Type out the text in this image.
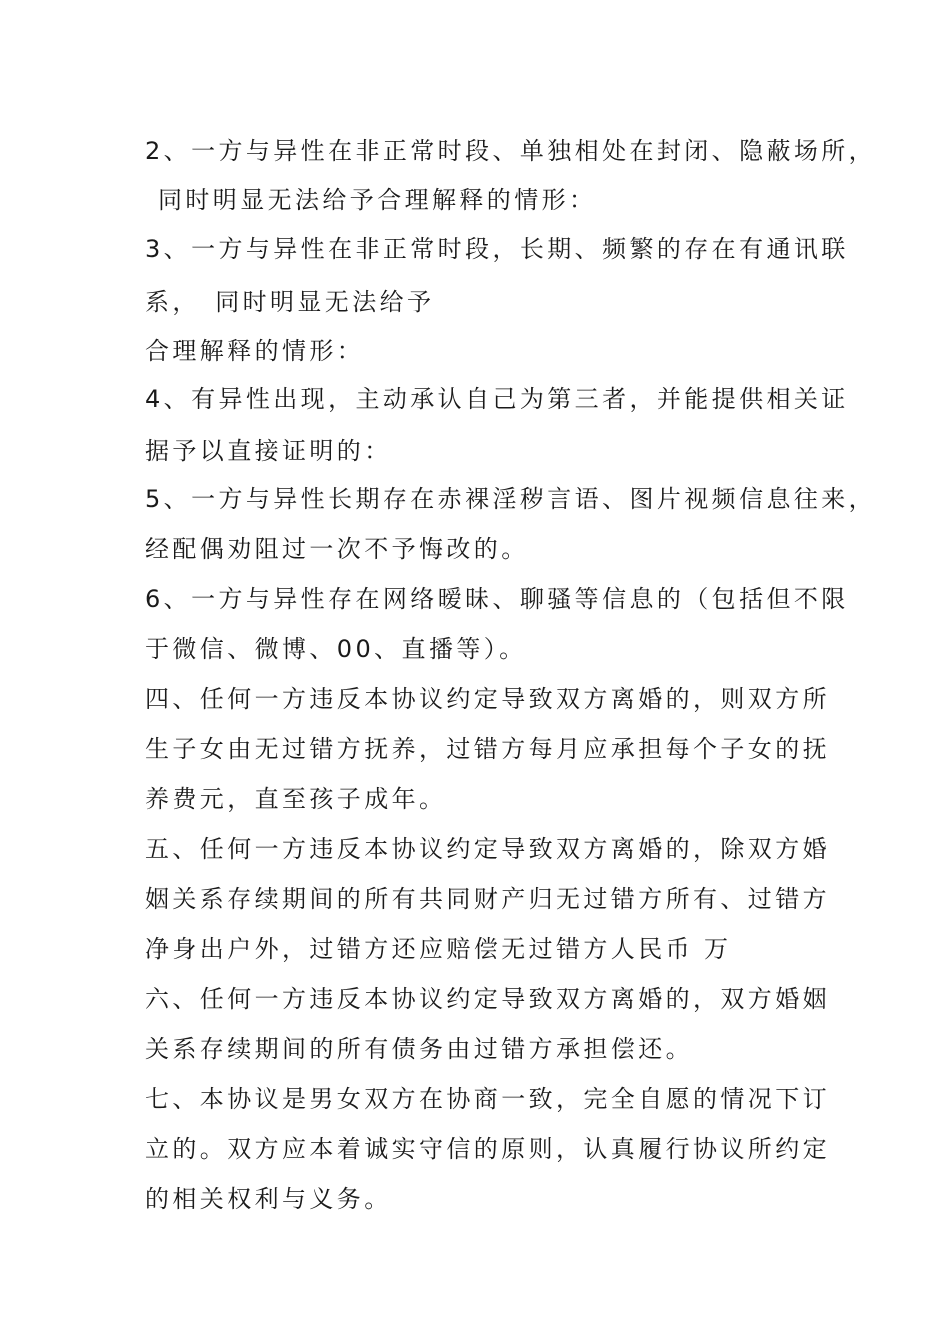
2、一方与异性在非正常时段、单独相处在封闭、隐蔽场所，
同时明显无法给予合理解释的情形：
3、一方与异性在非正常时段，长期、频繁的存在有通讯联
系，　同时明显无法给予
合理解释的情形：
4、有异性出现，主动承认自己为第三者，并能提供相关证
据予以直接证明的：
5、一方与异性长期存在赤裸淫秽言语、图片视频信息往来，
经配偶劝阻过一次不予悔改的。
6、一方与异性存在网络暧昧、聊骚等信息的（包括但不限
于微信、微博、00、直播等）。
四、任何一方违反本协议约定导致双方离婚的，则双方所
生子女由无过错方抚养，过错方每月应承担每个子女的抚
养费元，直至孩子成年。
五、任何一方违反本协议约定导致双方离婚的，除双方婚
姻关系存续期间的所有共同财产归无过错方所有、过错方
净身出户外，过错方还应赔偿无过错方人民币 万
六、任何一方违反本协议约定导致双方离婚的，双方婚姻
关系存续期间的所有债务由过错方承担偿还。
七、本协议是男女双方在协商一致，完全自愿的情况下订
立的。双方应本着诚实守信的原则，认真履行协议所约定
的相关权利与义务。
